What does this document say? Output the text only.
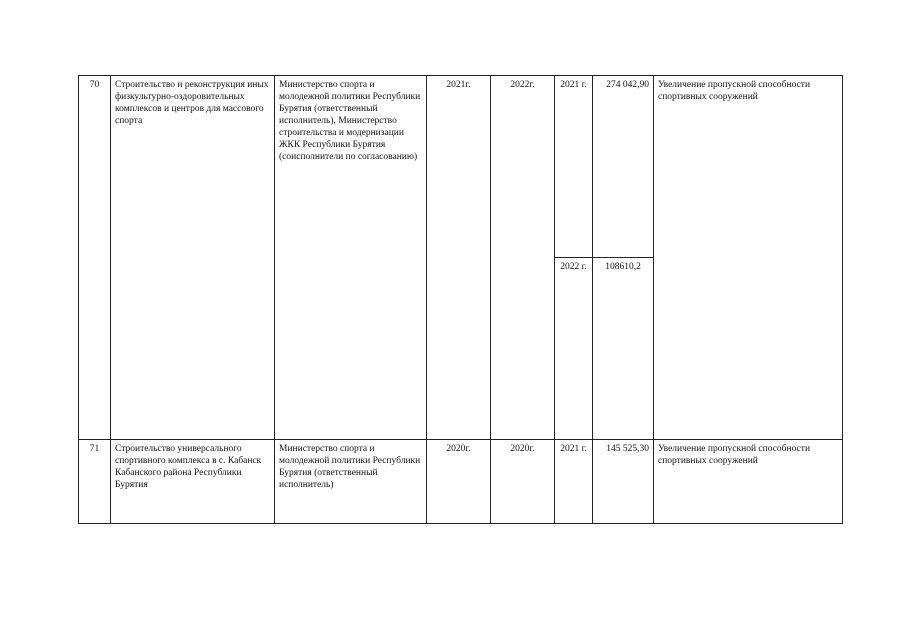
70	Строительство и реконструкция иных физкультурно-оздоровительных комплексов и центров для массового спорта	Министерство спорта и молодежной политики Республики Бурятия (ответственный исполнитель), Министерство строительства и модернизации ЖКК Республики Бурятия (соисполнители по согласованию)	2021г.	2022г.	2021 г.	274 042,90	Увеличение пропускной способности спортивных сооружений
					2022 г.	108610,2	
71	Строительство универсального спортивного комплекса в с. Кабанск Кабанского района Республики Бурятия	Министерство спорта и молодежной политики Республики Бурятия (ответственный исполнитель)	2020г.	2020г.	2021 г.	145 525,30	Увеличение пропускной способности спортивных сооружений
